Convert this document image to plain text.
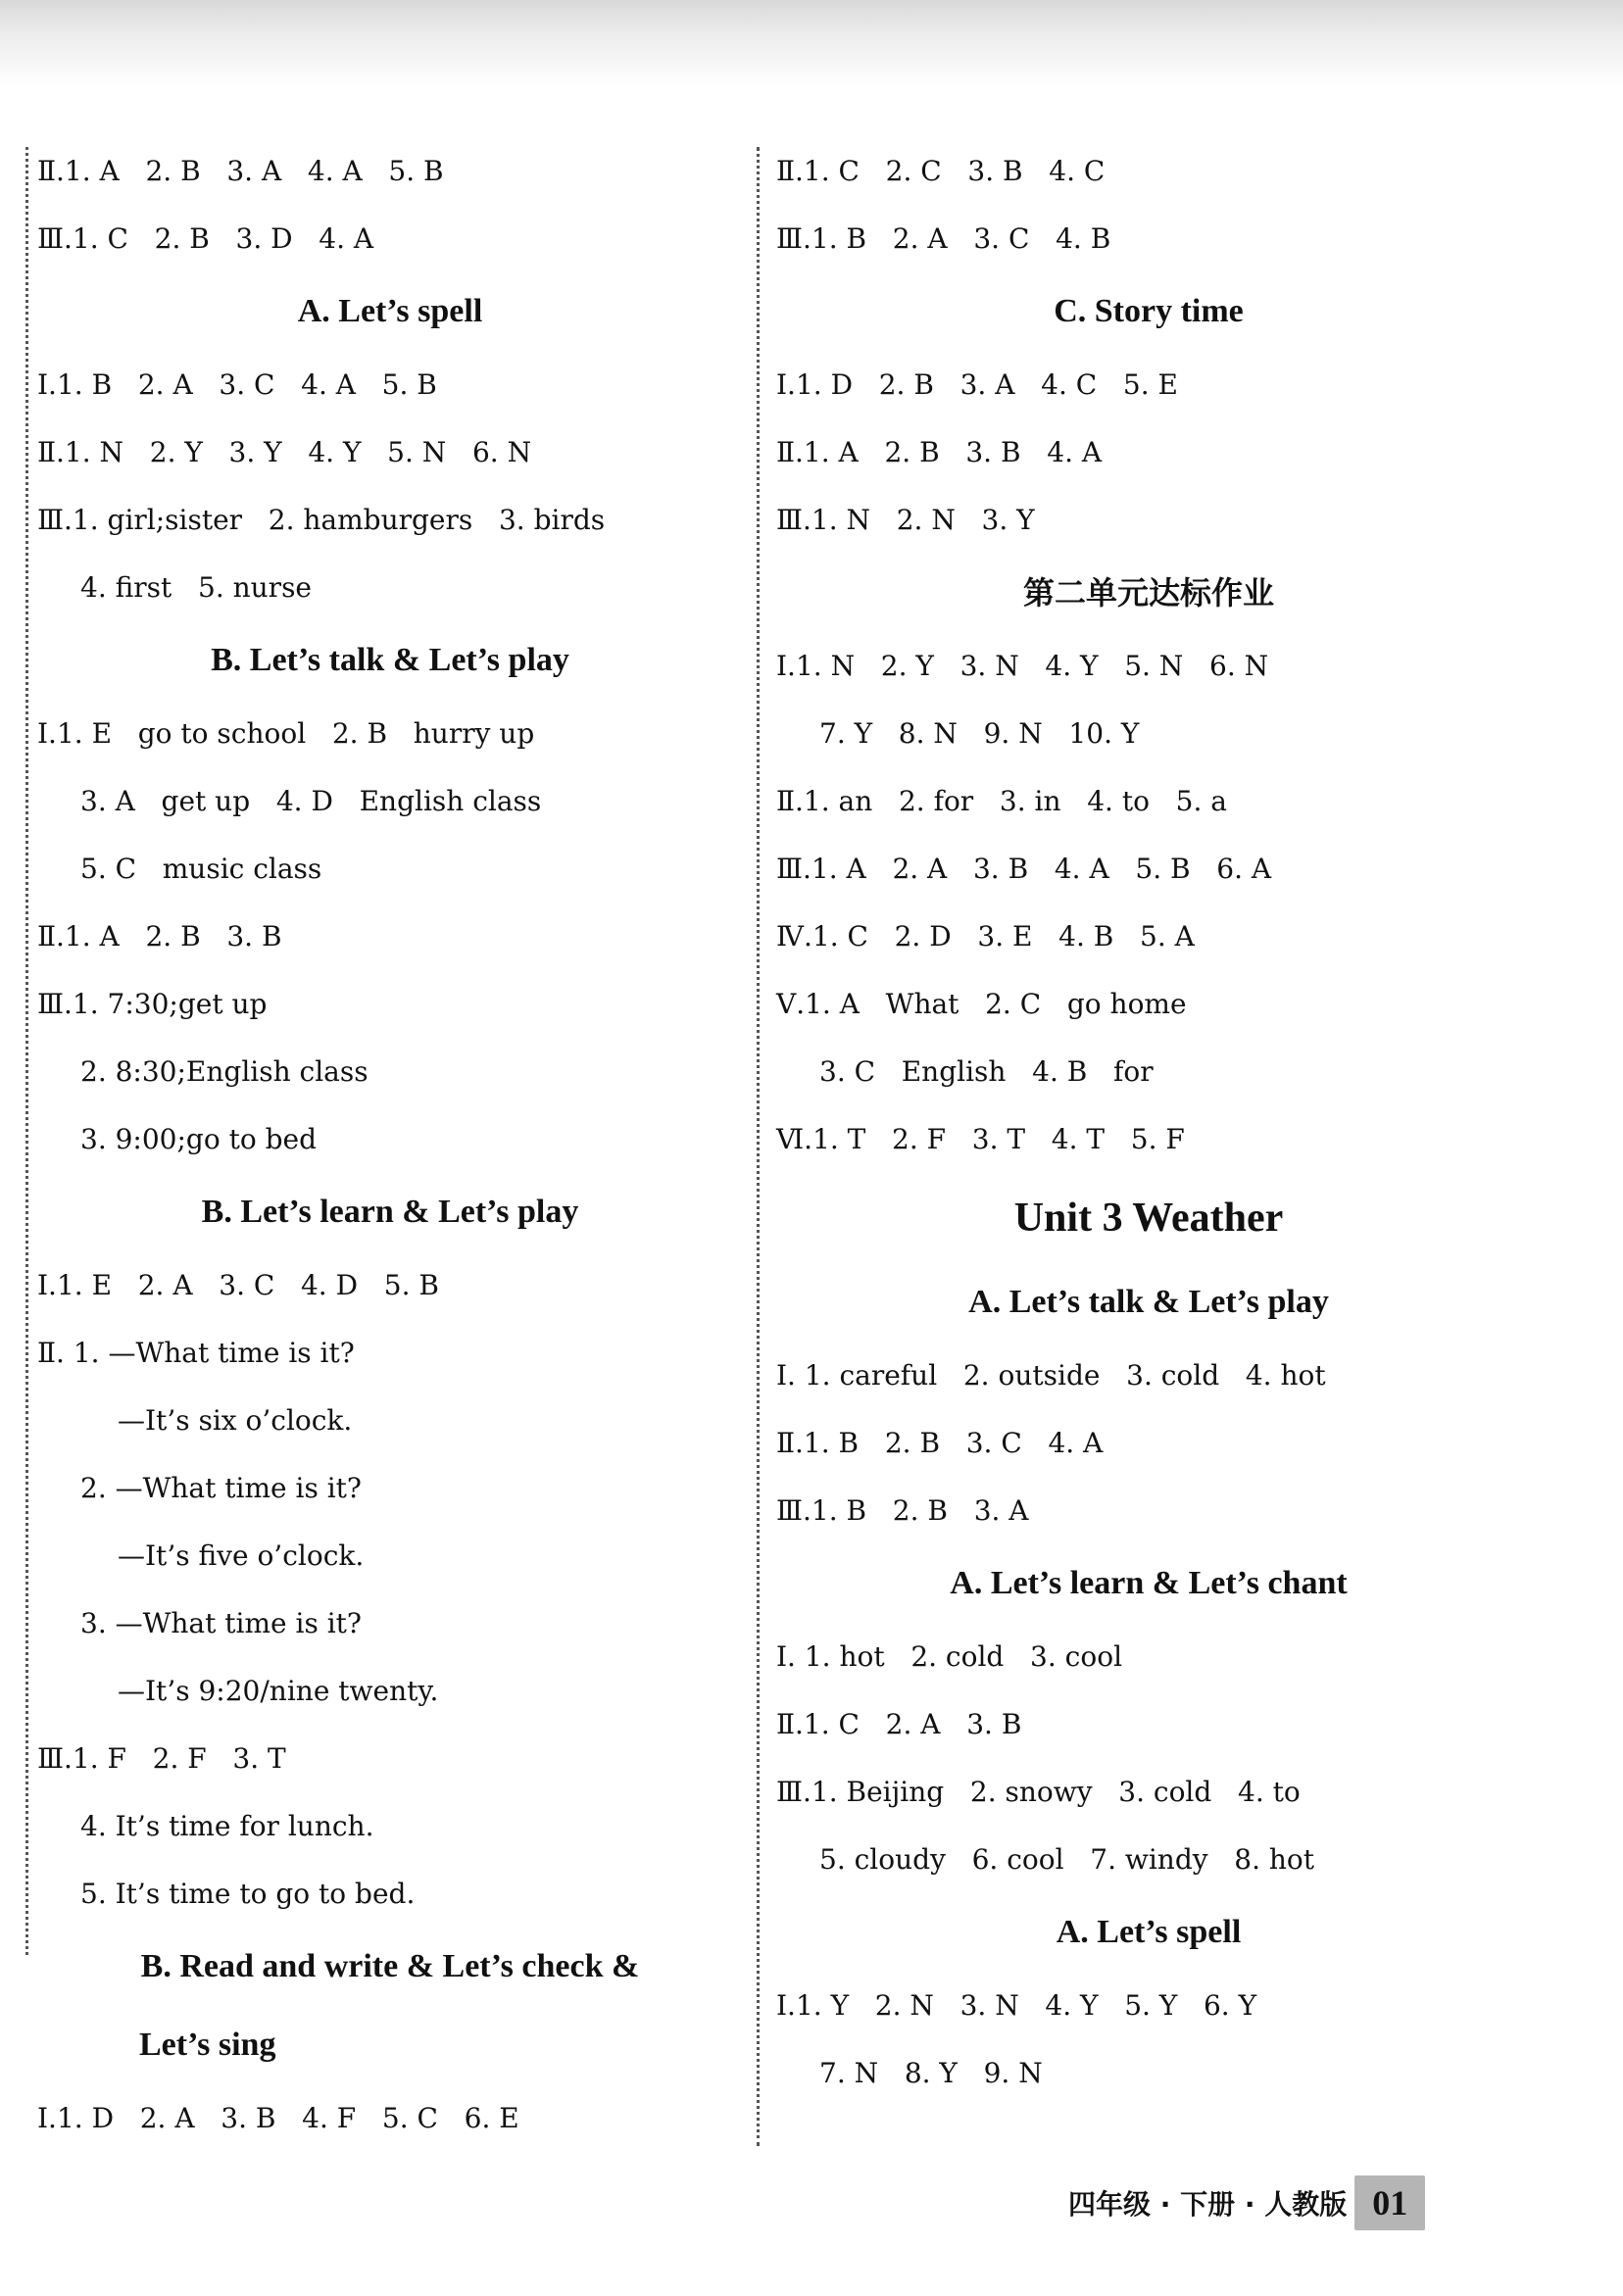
Ⅱ.1. A   2. B   3. A   4. A   5. B
Ⅲ.1. C   2. B   3. D   4. A
A. Let’s spell
Ⅰ.1. B   2. A   3. C   4. A   5. B
Ⅱ.1. N   2. Y   3. Y   4. Y   5. N   6. N
Ⅲ.1. girl;sister   2. hamburgers   3. birds
4. first   5. nurse
B. Let’s talk & Let’s play
Ⅰ.1. E   go to school   2. B   hurry up
3. A   get up   4. D   English class
5. C   music class
Ⅱ.1. A   2. B   3. B
Ⅲ.1. 7:30;get up
2. 8:30;English class
3. 9:00;go to bed
B. Let’s learn & Let’s play
Ⅰ.1. E   2. A   3. C   4. D   5. B
Ⅱ. 1. —What time is it?
—It’s six o’clock.
2. —What time is it?
—It’s five o’clock.
3. —What time is it?
—It’s 9:20/nine twenty.
Ⅲ.1. F   2. F   3. T
4. It’s time for lunch.
5. It’s time to go to bed.
B. Read and write & Let’s check &
Let’s sing
Ⅰ.1. D   2. A   3. B   4. F   5. C   6. E
Ⅱ.1. C   2. C   3. B   4. C
Ⅲ.1. B   2. A   3. C   4. B
C. Story time
Ⅰ.1. D   2. B   3. A   4. C   5. E
Ⅱ.1. A   2. B   3. B   4. A
Ⅲ.1. N   2. N   3. Y
第二单元达标作业
Ⅰ.1. N   2. Y   3. N   4. Y   5. N   6. N
7. Y   8. N   9. N   10. Y
Ⅱ.1. an   2. for   3. in   4. to   5. a
Ⅲ.1. A   2. A   3. B   4. A   5. B   6. A
Ⅳ.1. C   2. D   3. E   4. B   5. A
Ⅴ.1. A   What   2. C   go home
3. C   English   4. B   for
Ⅵ.1. T   2. F   3. T   4. T   5. F
Unit 3 Weather
A. Let’s talk & Let’s play
Ⅰ. 1. careful   2. outside   3. cold   4. hot
Ⅱ.1. B   2. B   3. C   4. A
Ⅲ.1. B   2. B   3. A
A. Let’s learn & Let’s chant
Ⅰ. 1. hot   2. cold   3. cool
Ⅱ.1. C   2. A   3. B
Ⅲ.1. Beijing   2. snowy   3. cold   4. to
5. cloudy   6. cool   7. windy   8. hot
A. Let’s spell
Ⅰ.1. Y   2. N   3. N   4. Y   5. Y   6. Y
7. N   8. Y   9. N
四年级 · 下册 · 人教版 01
